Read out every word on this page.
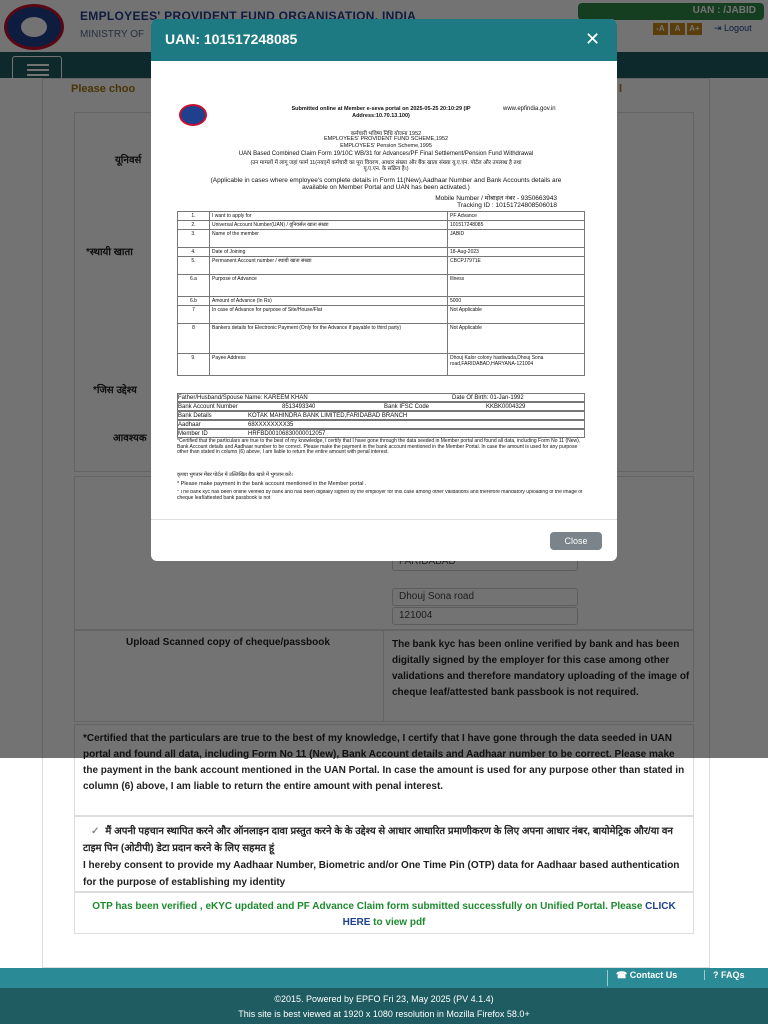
the payment in the bank account mentioned in the UAN Portal. In case the amount is used for any purpose other than stated in column (6) above, I am liable to return the entire amount with penal interest.
✓ मैं अपनी पहचान स्थापित करने और ऑनलाइन दावा प्रस्तुत करने के के उद्देश्य से आधार आधारित प्रमाणीकरण के लिए अपना आधार नंबर, बायोमेट्रिक और/या वन टाइम पिन (ओटीपी) डेटा प्रदान करने के लिए सहमत हूं
I hereby consent to provide my Aadhaar Number, Biometric and/or One Time Pin (OTP) data for Aadhaar based authentication for the purpose of establishing my identity
OTP has been verified , eKYC updated and PF Advance Claim form submitted successfully on Unified Portal. Please CLICK HERE to view pdf
☎ Contact Us	? FAQs
©2015. Powered by EPFO Fri 23, May 2025 (PV 4.1.4)
This site is best viewed at 1920 x 1080 resolution in Mozilla Firefox 58.0+
UAN: 101517248085	✕
Submitted online at Member e-seva portal on 2025-05-25 20:10:29 (IP Address:10.70.13.100)
www.epfindia.gov.in
कर्मचारी भविष्य निधि योजना 1952
EMPLOYEES' PROVIDENT FUND SCHEME,1952
EMPLOYEES' Pension Scheme,1995
UAN Based Combined Claim Form 19/10C WB/31 for Advances/PF Final Settlement/Pension Fund Withdrawal
(उन मामलों में लागू जहां फार्म 11(नया)में कर्मचारी का पूरा विवरण, आधार संख्या और बैंक खाता संख्या यू.ए.एन. पोर्टल और उपलब्ध है तथा यू.ए.एन. के सक्रिय है।)
(Applicable in cases where employee's complete details in Form 11(New),Aadhaar Number and Bank Accounts details are available on Member Portal and UAN has been activated.)
Mobile Number / मोबाइल नंबर - 9350663943
Tracking ID : 10151724808506018
1.	I want to apply for	PF Advance
2.	Universal Account Number(UAN) / यूनिवर्सल खाता संख्या	101517248085
3.	Name of the member	JABID
4.	Date of Joining	18-Aug-2023
5.	Permanent Account number / स्थायी खाता संख्या	CBCPJ7971E
6.a	Purpose of Advance	Illness
6.b	Amount of Advance (In Rs)	5000
7	In case of Advance for purpose of Site/House/Flat	Not Applicable
8	Bankers details for Electronic Payment (Only for the Advance if payable to third party)	Not Applicable
9.	Payee Address	Dhouj Kalor colony hastiwada,Dhouj Sona road,FARIDABAD,HARYANA-121004
Father/Husband/Spouse Name: KAREEM KHAN	Date Of Birth: 01-Jan-1992
Bank Account Number	8513493340	Bank IFSC Code	KKBK0004329
Bank Details	KOTAK MAHINDRA BANK LIMITED,FARIDABAD BRANCH
Aadhaar	68XXXXXXXX35
Member ID	HRFBD00106830000012057
*Certified that the particulars are true to the best of my knowledge, I certify that I have gone through the data seeded in Member portal and found all data, including Form No 11 (New), Bank Account details and Aadhaar number to be correct. Please make the payment in the bank account mentioned in the Member Portal. In case the amount is used for any purpose other than stated in column (6) above, I am liable to return the entire amount with penal interest.
कृपया भुगतान मेंबर पोर्टल में उल्लिखित बैंक खाते में भुगतान करें।
* Please make payment in the bank account mentioned in the Member portal .
* The bank kyc has been online verified by bank and has been digitally signed by the employer for this case among other validations and therefore mandatory uploading of the image of cheque leaf/attested bank passbook is not
Close
